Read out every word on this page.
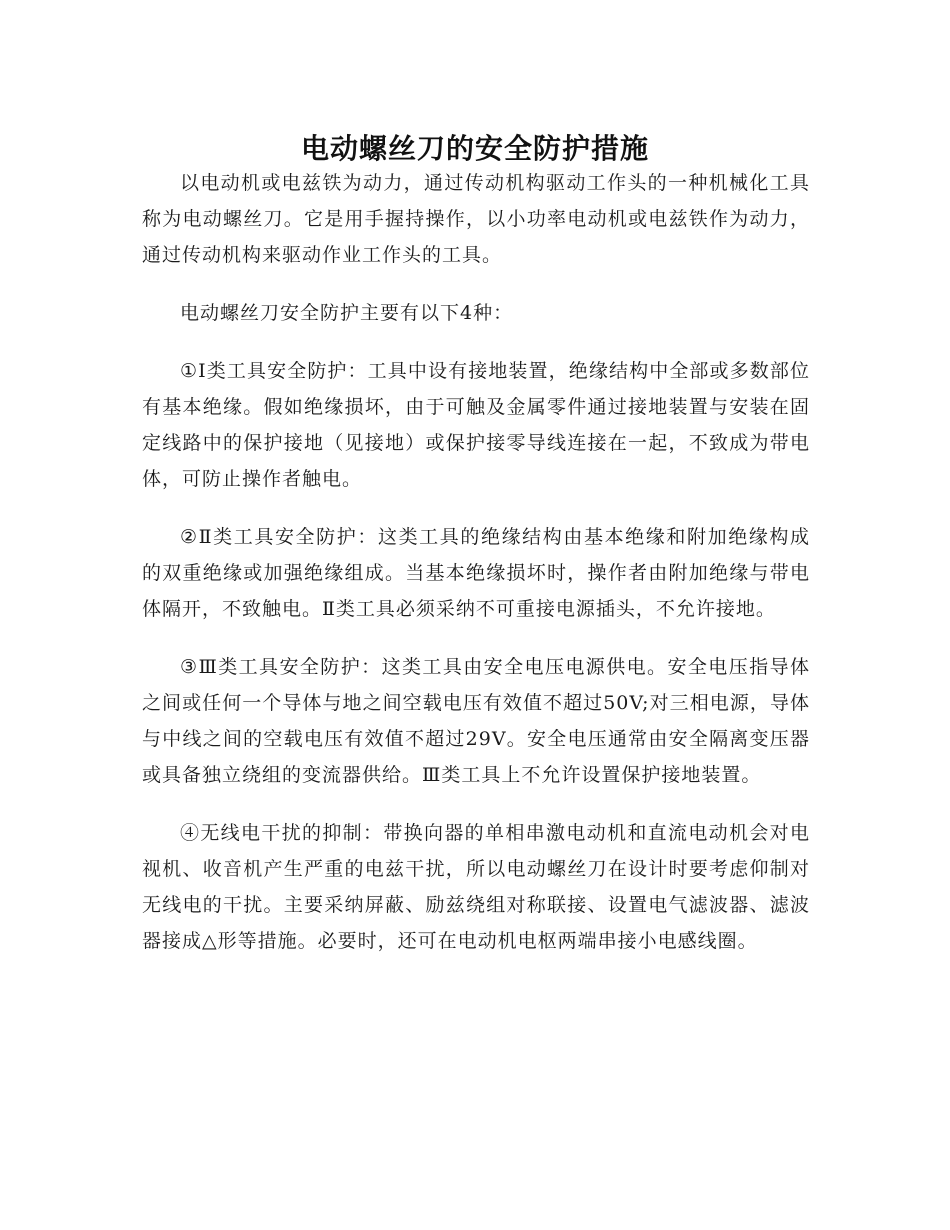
电动螺丝刀的安全防护措施

以电动机或电兹铁为动力，通过传动机构驱动工作头的一种机械化工具称为电动螺丝刀。它是用手握持操作，以小功率电动机或电兹铁作为动力，通过传动机构来驱动作业工作头的工具。

电动螺丝刀安全防护主要有以下4种：

①Ⅰ类工具安全防护：工具中设有接地装置，绝缘结构中全部或多数部位有基本绝缘。假如绝缘损坏，由于可触及金属零件通过接地装置与安装在固定线路中的保护接地（见接地）或保护接零导线连接在一起，不致成为带电体，可防止操作者触电。

②Ⅱ类工具安全防护：这类工具的绝缘结构由基本绝缘和附加绝缘构成的双重绝缘或加强绝缘组成。当基本绝缘损坏时，操作者由附加绝缘与带电体隔开，不致触电。Ⅱ类工具必须采纳不可重接电源插头，不允许接地。

③Ⅲ类工具安全防护：这类工具由安全电压电源供电。安全电压指导体之间或任何一个导体与地之间空载电压有效值不超过50V;对三相电源，导体与中线之间的空载电压有效值不超过29V。安全电压通常由安全隔离变压器或具备独立绕组的变流器供给。Ⅲ类工具上不允许设置保护接地装置。

④无线电干扰的抑制：带换向器的单相串激电动机和直流电动机会对电视机、收音机产生严重的电兹干扰，所以电动螺丝刀在设计时要考虑仰制对无线电的干扰。主要采纳屏蔽、励兹绕组对称联接、设置电气滤波器、滤波器接成△形等措施。必要时，还可在电动机电枢两端串接小电感线圈。
